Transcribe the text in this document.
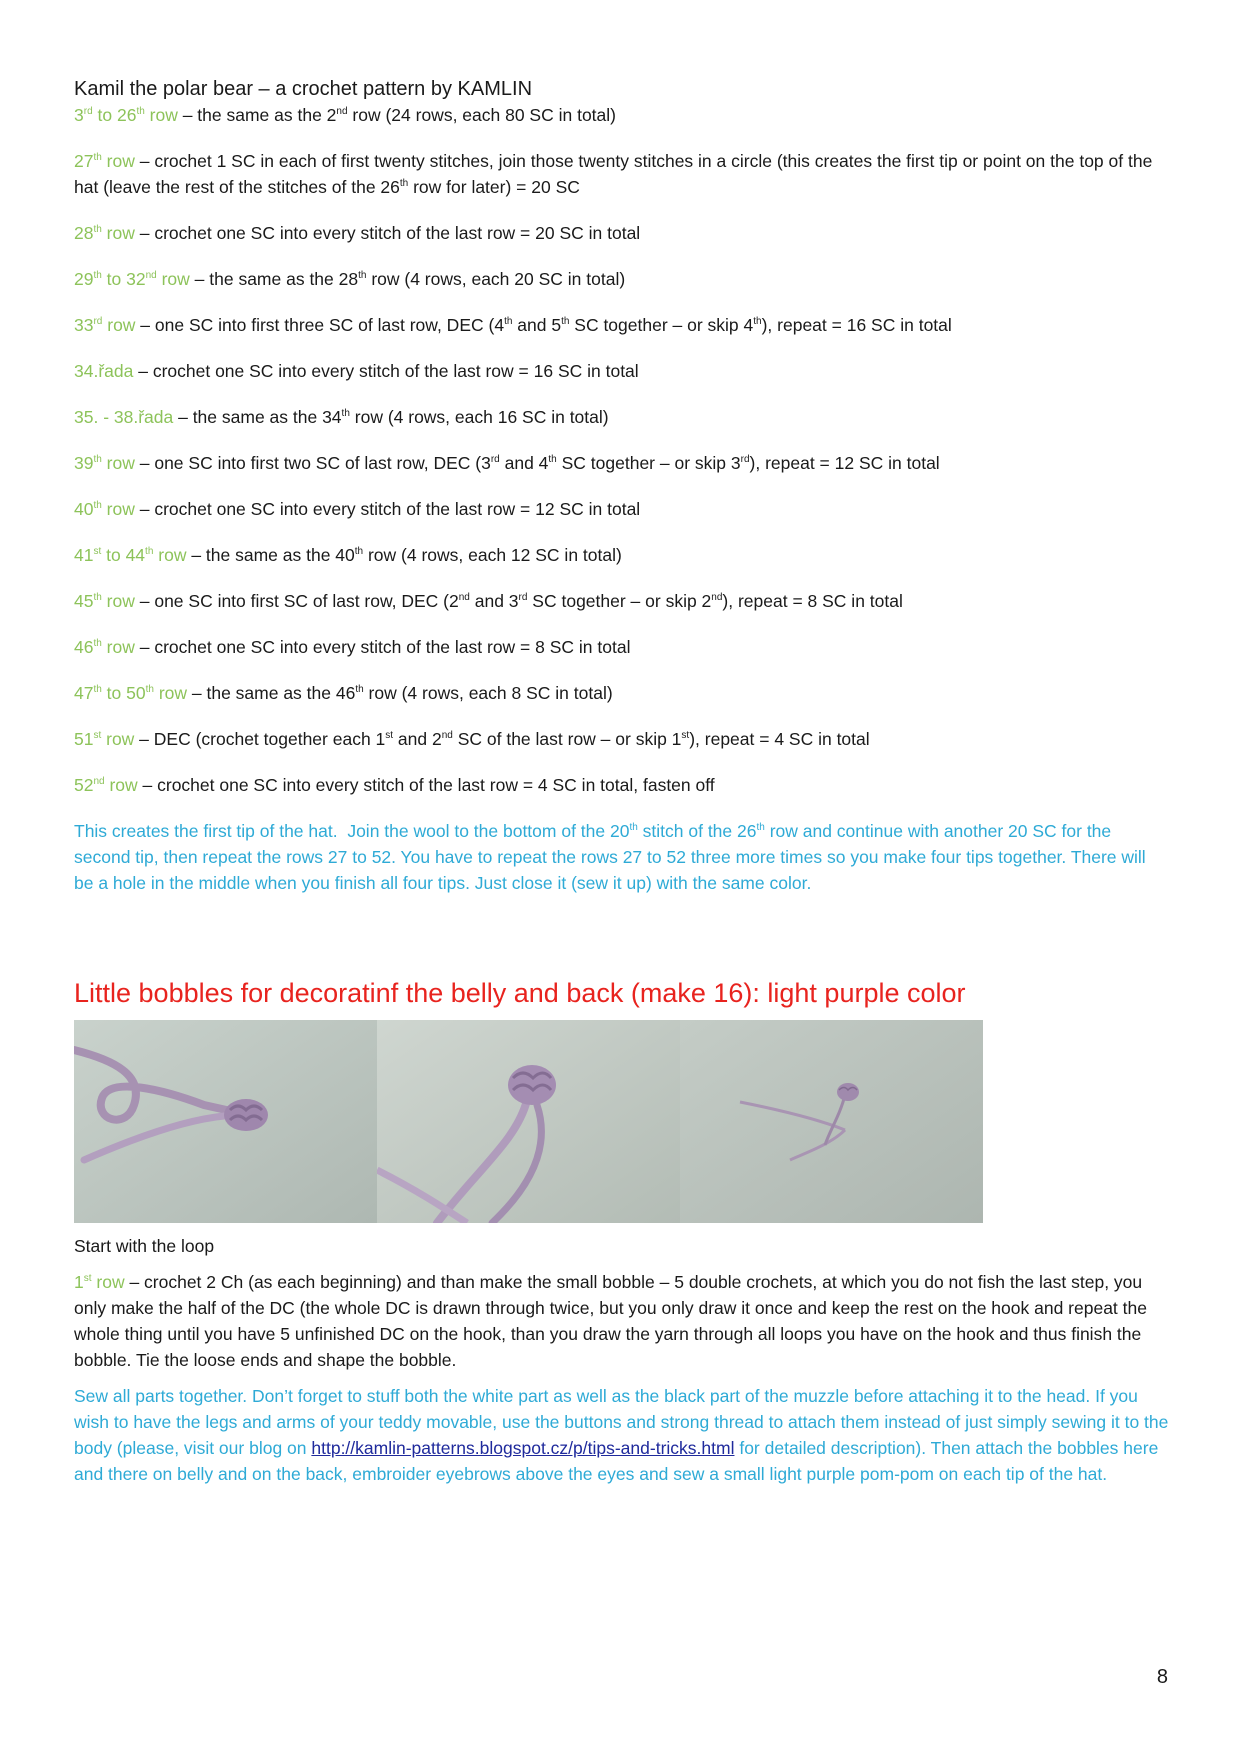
Kamil the polar bear – a crochet pattern by KAMLIN

3rd to 26th row – the same as the 2nd row (24 rows, each 80 SC in total)

27th row – crochet 1 SC in each of first twenty stitches, join those twenty stitches in a circle (this creates the first tip or point on the top of the hat (leave the rest of the stitches of the 26th row for later) = 20 SC

28th row – crochet one SC into every stitch of the last row = 20 SC in total

29th to 32nd row – the same as the 28th row (4 rows, each 20 SC in total)

33rd row – one SC into first three SC of last row, DEC (4th and 5th SC together – or skip 4th), repeat = 16 SC in total

34.řada – crochet one SC into every stitch of the last row = 16 SC in total

35. - 38.řada – the same as the 34th row (4 rows, each 16 SC in total)

39th row – one SC into first two SC of last row, DEC (3rd and 4th SC together – or skip 3rd), repeat = 12 SC in total

40th row – crochet one SC into every stitch of the last row = 12 SC in total

41st to 44th row – the same as the 40th row (4 rows, each 12 SC in total)

45th row – one SC into first SC of last row, DEC (2nd and 3rd SC together – or skip 2nd), repeat = 8 SC in total

46th row – crochet one SC into every stitch of the last row = 8 SC in total

47th to 50th row – the same as the 46th row (4 rows, each 8 SC in total)

51st row – DEC (crochet together each 1st and 2nd SC of the last row – or skip 1st), repeat = 4 SC in total

52nd row – crochet one SC into every stitch of the last row = 4 SC in total, fasten off

This creates the first tip of the hat.  Join the wool to the bottom of the 20th stitch of the 26th row and continue with another 20 SC for the second tip, then repeat the rows 27 to 52. You have to repeat the rows 27 to 52 three more times so you make four tips together. There will be a hole in the middle when you finish all four tips. Just close it (sew it up) with the same color.

Little bobbles for decoratinf the belly and back (make 16): light purple color

Start with the loop

1st row – crochet 2 Ch (as each beginning) and than make the small bobble – 5 double crochets, at which you do not fish the last step, you only make the half of the DC (the whole DC is drawn through twice, but you only draw it once and keep the rest on the hook and repeat the whole thing until you have 5 unfinished DC on the hook, than you draw the yarn through all loops you have on the hook and thus finish the bobble. Tie the loose ends and shape the bobble.

Sew all parts together. Don’t forget to stuff both the white part as well as the black part of the muzzle before attaching it to the head. If you wish to have the legs and arms of your teddy movable, use the buttons and strong thread to attach them instead of just simply sewing it to the body (please, visit our blog on http://kamlin-patterns.blogspot.cz/p/tips-and-tricks.html for detailed description). Then attach the bobbles here and there on belly and on the back, embroider eyebrows above the eyes and sew a small light purple pom-pom on each tip of the hat.

8
